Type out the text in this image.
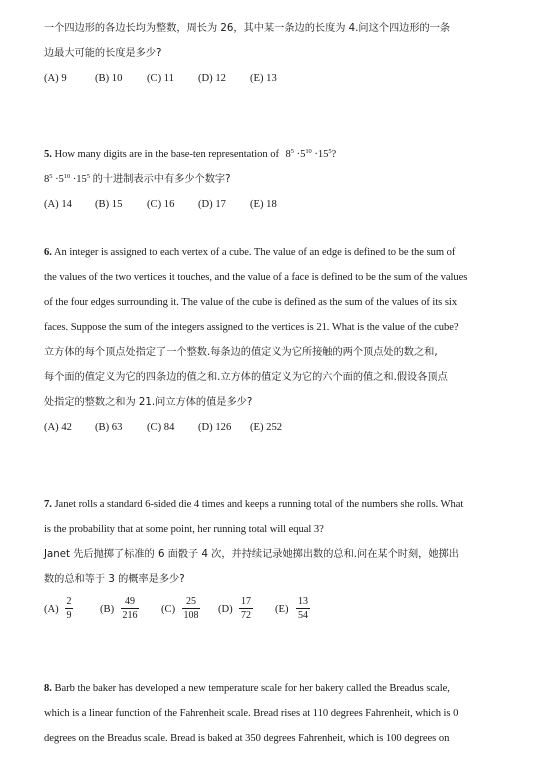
一个四边形的各边长均为整数，周长为 26，其中某一条边的长度为 4.问这个四边形的一条
边最大可能的长度是多少?
(A) 9	(B) 10 (C) 11 (D) 12 (E) 13
5. How many digits are in the base-ten representation of $8^5 \cdot 5^{10} \cdot 15^5$?
$8^5 \cdot 5^{10} \cdot 15^5$ 的十进制表示中有多少个数字?
(A) 14 (B) 15 (C) 16 (D) 17 (E) 18
6. An integer is assigned to each vertex of a cube. The value of an edge is defined to be the sum of
the values of the two vertices it touches, and the value of a face is defined to be the sum of the values
of the four edges surrounding it. The value of the cube is defined as the sum of the values of its six
faces. Suppose the sum of the integers assigned to the vertices is 21. What is the value of the cube?
立方体的每个顶点处指定了一个整数.每条边的值定义为它所接触的两个顶点处的数之和,
每个面的值定义为它的四条边的值之和.立方体的值定义为它的六个面的值之和.假设各顶点
处指定的整数之和为 21.问立方体的值是多少?
(A) 42 (B) 63 (C) 84 (D) 126 (E) 252
7. Janet rolls a standard 6-sided die 4 times and keeps a running total of the numbers she rolls. What
is the probability that at some point, her running total will equal 3?
Janet 先后抛掷了标准的 6 面骰子 4 次，并持续记录她掷出数的总和.问在某个时刻，她掷出
数的总和等于 3 的概率是多少?
$(A) \frac{2}{9}$	$(B) \frac{49}{216} (C) \frac{25}{108} (D) \frac{17}{72} (E) \frac{13}{54}$
8. Barb the baker has developed a new temperature scale for her bakery called the Breadus scale,
which is a linear function of the Fahrenheit scale. Bread rises at 110 degrees Fahrenheit, which is 0
degrees on the Breadus scale. Bread is baked at 350 degrees Fahrenheit, which is 100 degrees on
